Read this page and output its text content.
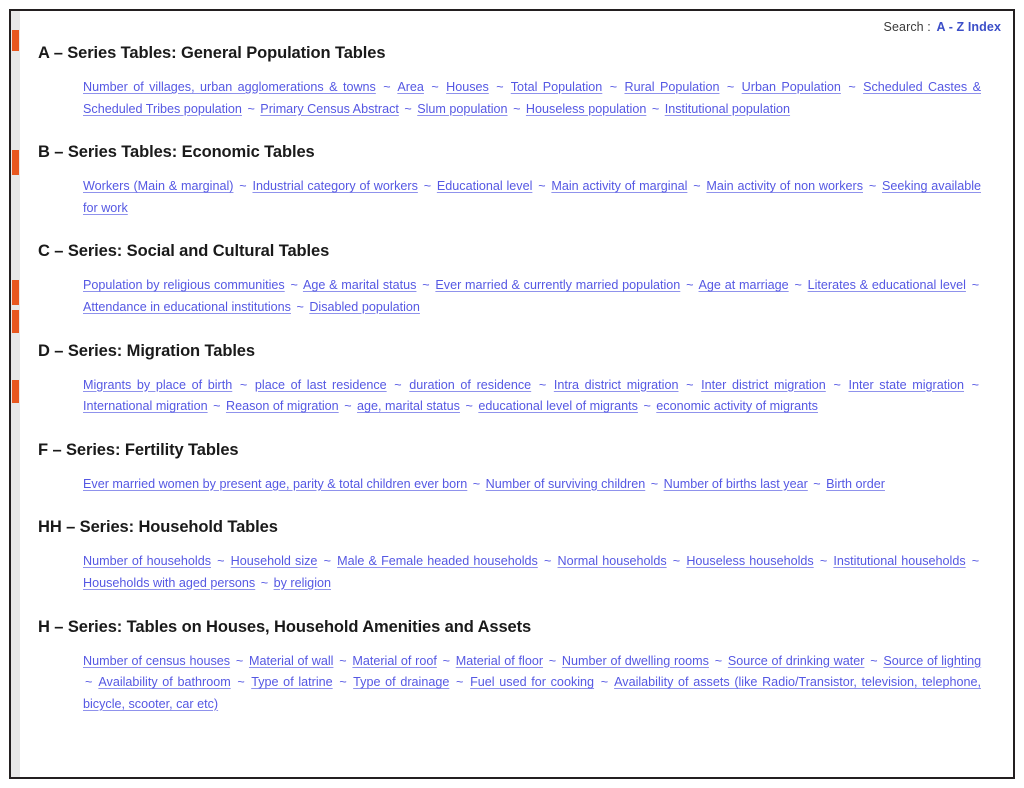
Search : A - Z Index
A – Series Tables: General Population Tables

Number of villages, urban agglomerations & towns ~ Area ~ Houses ~ Total Population ~ Rural Population ~ Urban Population ~ Scheduled Castes & Scheduled Tribes population ~ Primary Census Abstract ~ Slum population ~ Houseless population ~ Institutional population

B – Series Tables: Economic Tables

Workers (Main & marginal) ~ Industrial category of workers ~ Educational level ~ Main activity of marginal ~ Main activity of non workers ~ Seeking available for work

C – Series: Social and Cultural Tables

Population by religious communities ~ Age & marital status ~ Ever married & currently married population ~ Age at marriage ~ Literates & educational level ~ Attendance in educational institutions ~ Disabled population

D – Series: Migration Tables

Migrants by place of birth ~ place of last residence ~ duration of residence ~ Intra district migration ~ Inter district migration ~ Inter state migration ~ International migration ~ Reason of migration ~ age, marital status ~ educational level of migrants ~ economic activity of migrants

F – Series: Fertility Tables

Ever married women by present age, parity & total children ever born ~ Number of surviving children ~ Number of births last year ~ Birth order

HH – Series: Household Tables

Number of households ~ Household size ~ Male & Female headed households ~ Normal households ~ Houseless households ~ Institutional households ~ Households with aged persons ~ by religion

H – Series: Tables on Houses, Household Amenities and Assets

Number of census houses ~ Material of wall ~ Material of roof ~ Material of floor ~ Number of dwelling rooms ~ Source of drinking water ~ Source of lighting ~ Availability of bathroom ~ Type of latrine ~ Type of drainage ~ Fuel used for cooking ~ Availability of assets (like Radio/Transistor, television, telephone, bicycle, scooter, car etc)
